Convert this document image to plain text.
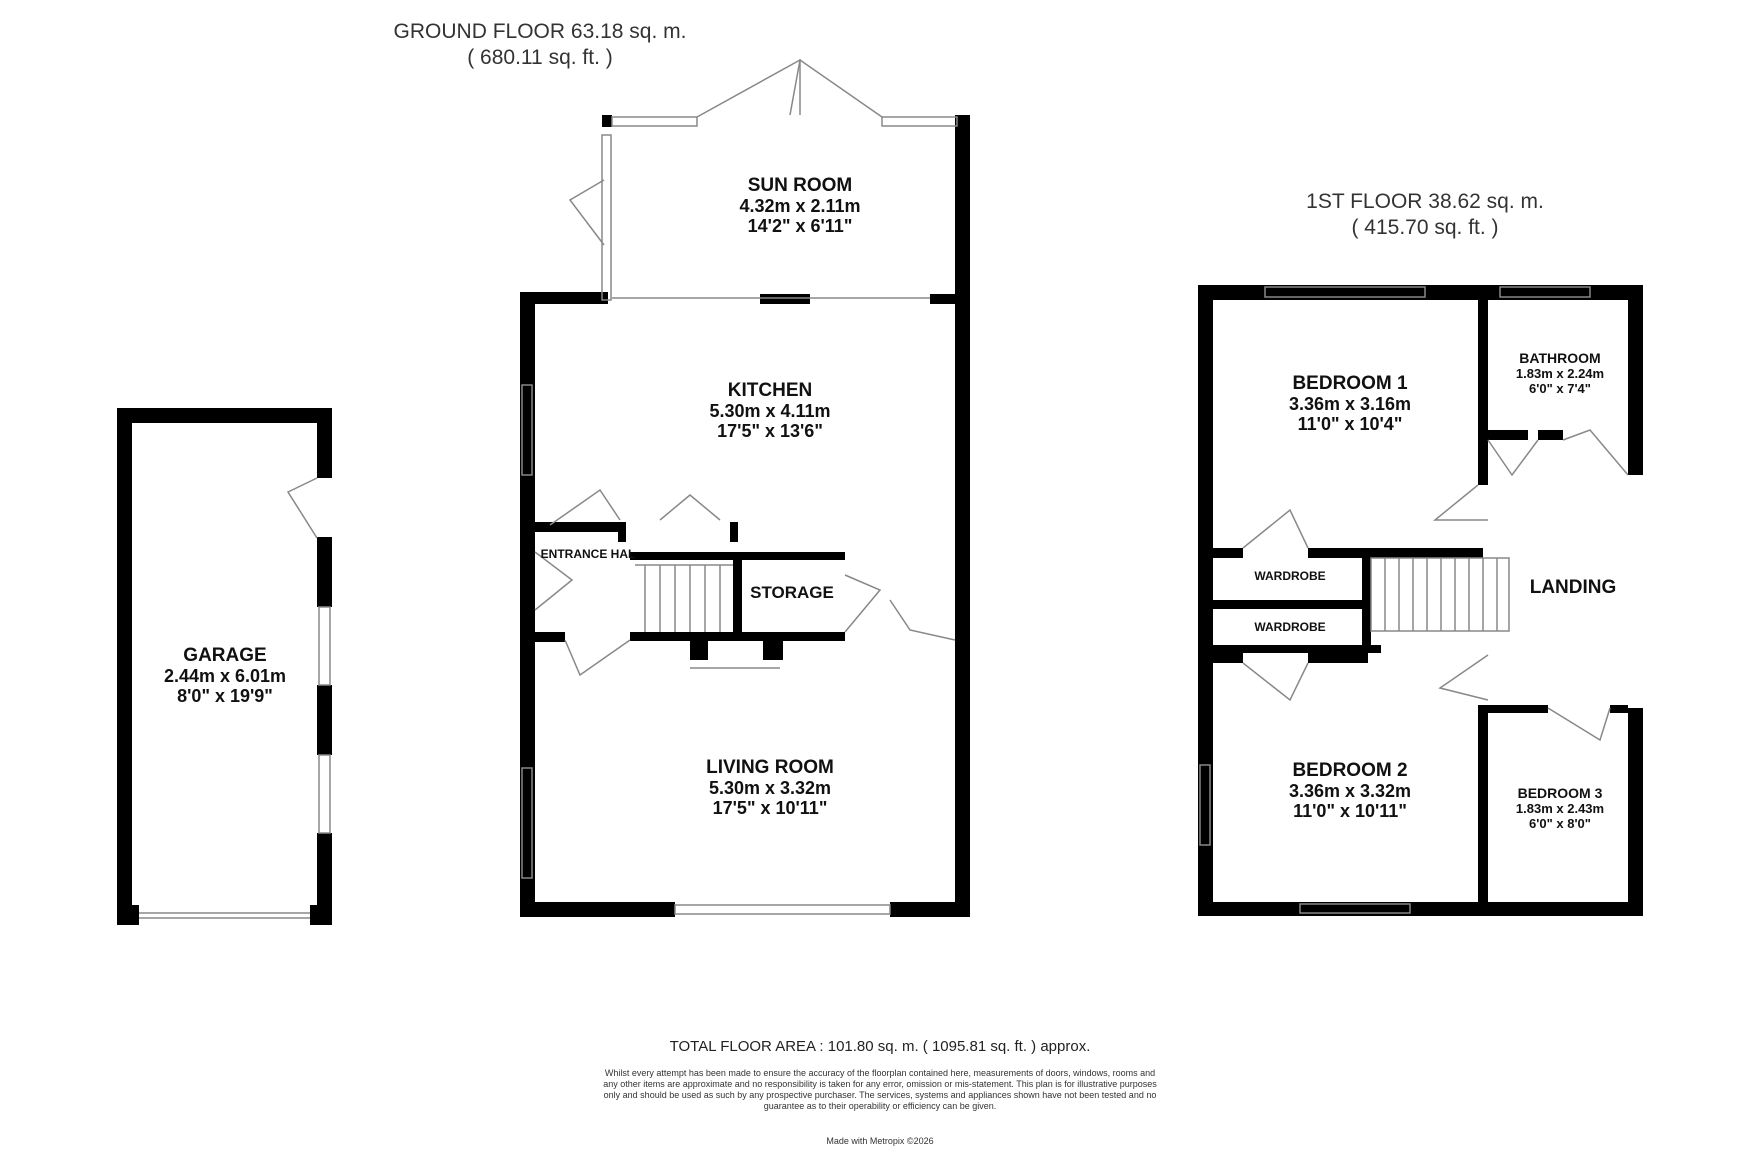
GROUND FLOOR 63.18 sq. m.
( 680.11 sq. ft. )
1ST FLOOR 38.62 sq. m.
( 415.70 sq. ft. )
SUN ROOM
4.32m x 2.11m
14'2" x 6'11"
KITCHEN
5.30m x 4.11m
17'5" x 13'6"
LIVING ROOM
5.30m x 3.32m
17'5" x 10'11"
GARAGE
2.44m x 6.01m
8'0" x 19'9"
ENTRANCE HAL
STORAGE
BEDROOM 1
3.36m x 3.16m
11'0" x 10'4"
BATHROOM
1.83m x 2.24m
6'0" x 7'4"
WARDROBE
WARDROBE
LANDING
BEDROOM 2
3.36m x 3.32m
11'0" x 10'11"
BEDROOM 3
1.83m x 2.43m
6'0" x 8'0"
TOTAL FLOOR AREA : 101.80 sq. m. ( 1095.81 sq. ft. ) approx.
Whilst every attempt has been made to ensure the accuracy of the floorplan contained here, measurements of doors, windows, rooms and any other items are approximate and no responsibility is taken for any error, omission or mis-statement. This plan is for illustrative purposes only and should be used as such by any prospective purchaser. The services, systems and appliances shown have not been tested and no guarantee as to their operability or efficiency can be given.
Made with Metropix ©2026
